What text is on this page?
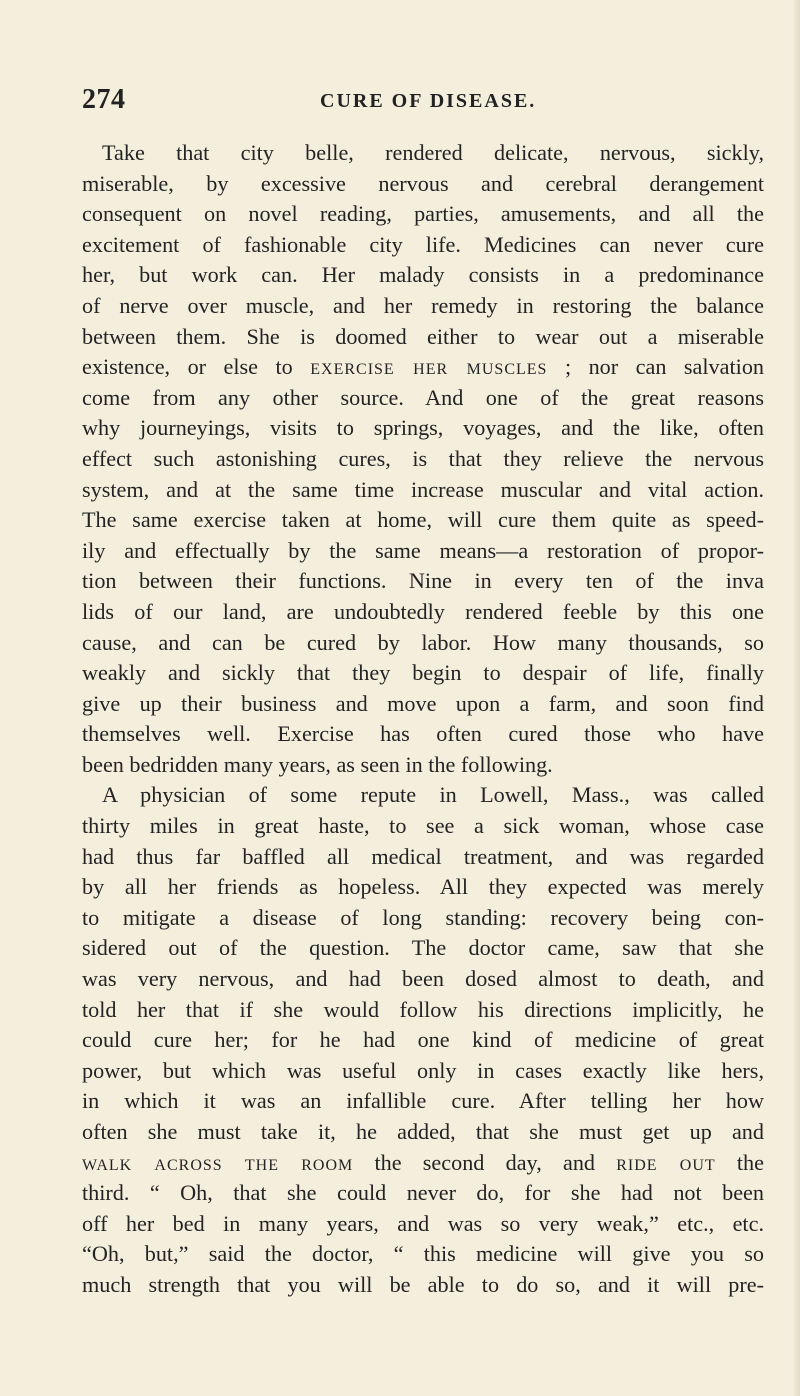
274	CURE OF DISEASE.
Take that city belle, rendered delicate, nervous, sickly,
miserable, by excessive nervous and cerebral derangement
consequent on novel reading, parties, amusements, and all the
excitement of fashionable city life. Medicines can never cure
her, but work can. Her malady consists in a predominance
of nerve over muscle, and her remedy in restoring the balance
between them. She is doomed either to wear out a miserable
existence, or else to exercise her muscles ; nor can salvation
come from any other source. And one of the great reasons
why journeyings, visits to springs, voyages, and the like, often
effect such astonishing cures, is that they relieve the nervous
system, and at the same time increase muscular and vital action.
The same exercise taken at home, will cure them quite as speed-
ily and effectually by the same means—a restoration of propor-
tion between their functions. Nine in every ten of the inva
lids of our land, are undoubtedly rendered feeble by this one
cause, and can be cured by labor. How many thousands, so
weakly and sickly that they begin to despair of life, finally
give up their business and move upon a farm, and soon find
themselves well. Exercise has often cured those who have
been bedridden many years, as seen in the following.
A physician of some repute in Lowell, Mass., was called
thirty miles in great haste, to see a sick woman, whose case
had thus far baffled all medical treatment, and was regarded
by all her friends as hopeless. All they expected was merely
to mitigate a disease of long standing: recovery being con-
sidered out of the question. The doctor came, saw that she
was very nervous, and had been dosed almost to death, and
told her that if she would follow his directions implicitly, he
could cure her; for he had one kind of medicine of great
power, but which was useful only in cases exactly like hers,
in which it was an infallible cure. After telling her how
often she must take it, he added, that she must get up and
walk across the room the second day, and ride out the
third. “ Oh, that she could never do, for she had not been
off her bed in many years, and was so very weak,” etc., etc.
“Oh, but,” said the doctor, “ this medicine will give you so
much strength that you will be able to do so, and it will pre-
